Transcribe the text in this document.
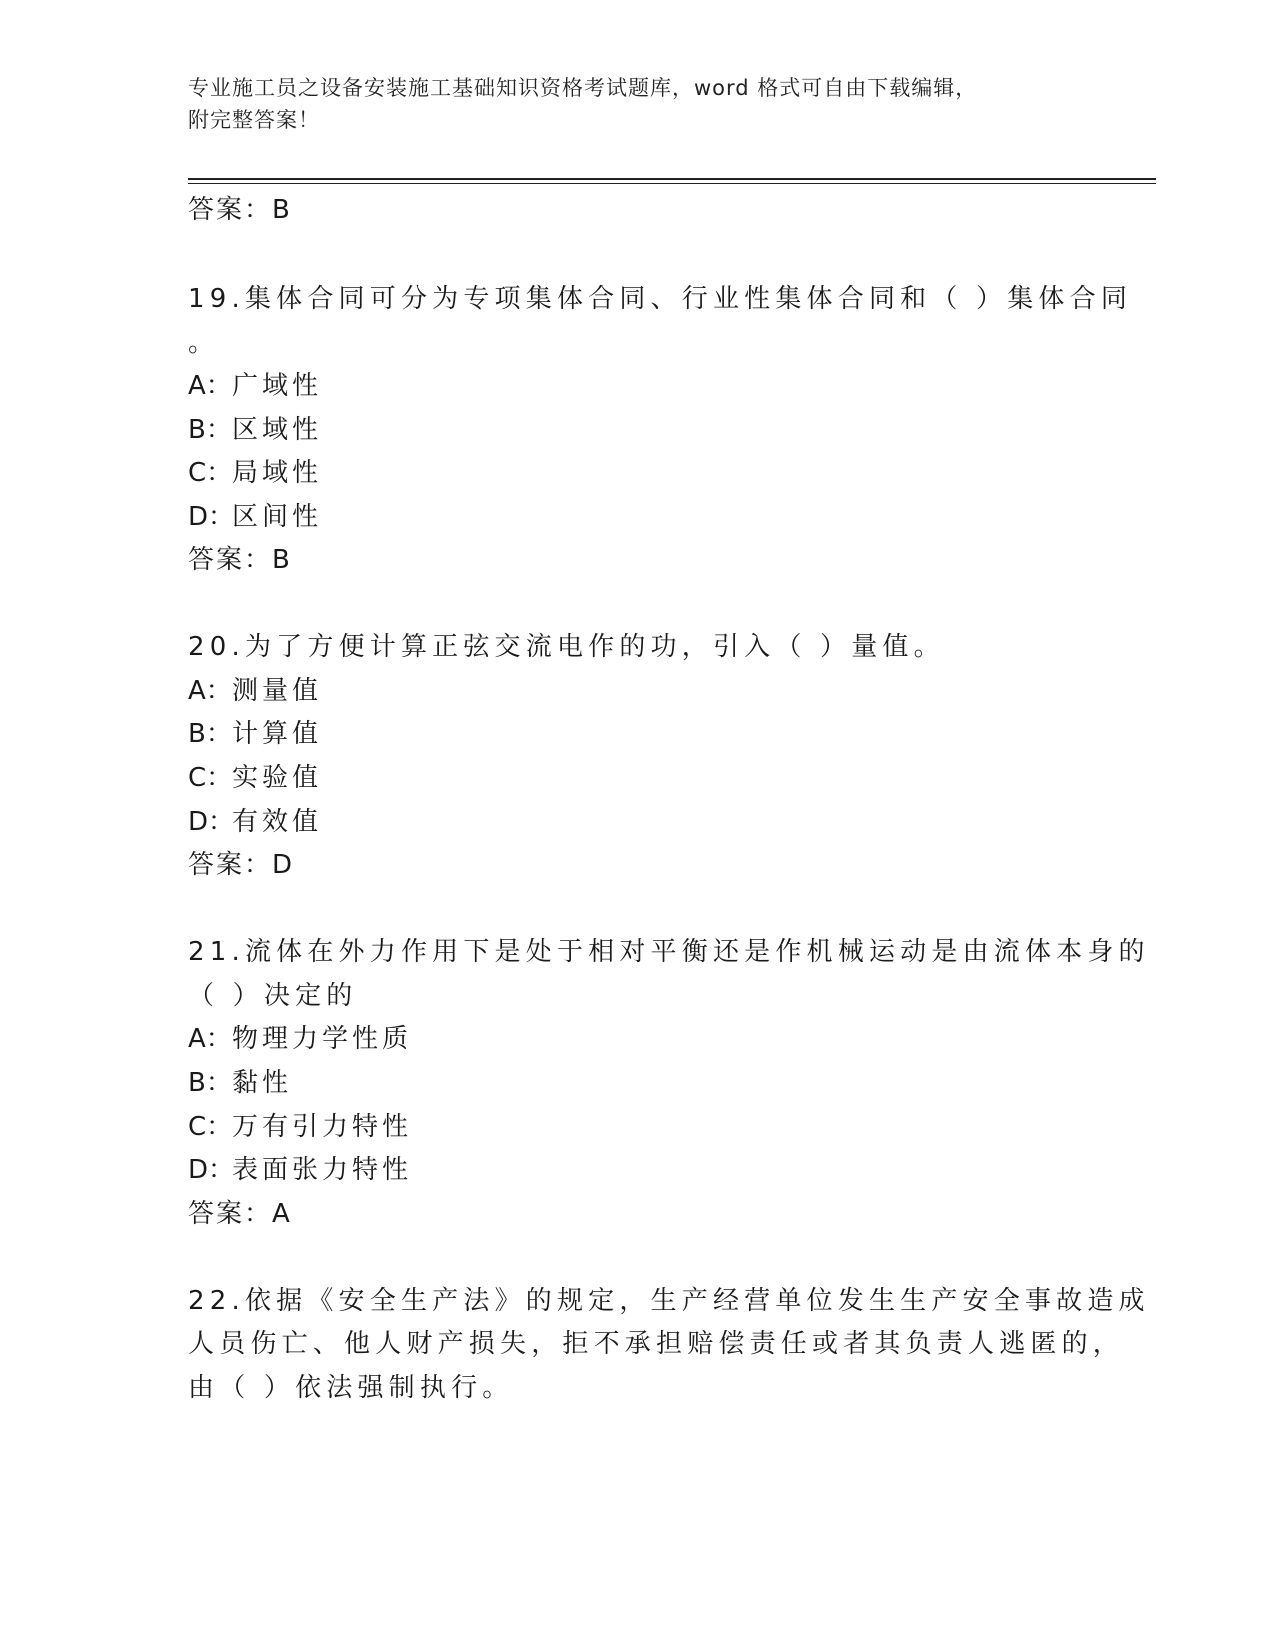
专业施工员之设备安装施工基础知识资格考试题库，word 格式可自由下载编辑，
附完整答案！
答案：B
19.集体合同可分为专项集体合同、行业性集体合同和（ ）集体合同
。
A：广域性
B：区域性
C：局域性
D：区间性
答案：B
20.为了方便计算正弦交流电作的功，引入（ ）量值。
A：测量值
B：计算值
C：实验值
D：有效值
答案：D
21.流体在外力作用下是处于相对平衡还是作机械运动是由流体本身的
（ ）决定的
A：物理力学性质
B：黏性
C：万有引力特性
D：表面张力特性
答案：A
22.依据《安全生产法》的规定，生产经营单位发生生产安全事故造成
人员伤亡、他人财产损失，拒不承担赔偿责任或者其负责人逃匿的，
由（ ）依法强制执行。
